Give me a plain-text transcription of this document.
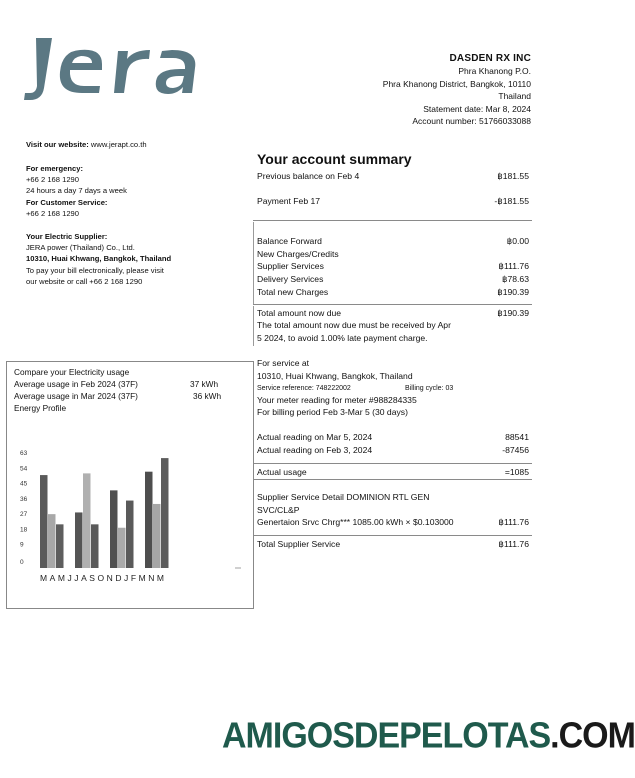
DASDEN RX INC
Phra Khanong P.O.
Phra Khanong District, Bangkok, 10110
Thailand
Statement date: Mar 8, 2024
Account number: 51766033088
Visit our website: www.jerapt.co.th
For emergency:
+66 2 168 1290
24 hours a day 7 days a week
For Customer Service:
+66 2 168 1290
Your Electric Supplier:
JERA power (Thailand) Co., Ltd.
10310, Huai Khwang, Bangkok, Thailand
To pay your bill electronically, please visit
our website or call +66 2 168 1290
Your account summary
Previous balance on Feb 4	฿181.55
Payment Feb 17	-฿181.55
Balance Forward	฿0.00
New Charges/Credits
Supplier Services	฿111.76
Delivery Services	฿78.63
Total new Charges	฿190.39
Total amount now due	฿190.39
The total amount now due must be received by Apr
5 2024, to avoid 1.00% late payment charge.
For service at
10310, Huai Khwang, Bangkok, Thailand
Service reference: 748222002	Billing cycle: 03
Your meter reading for meter #988284335
For billing period Feb 3-Mar 5 (30 days)
Actual reading on Mar 5, 2024	88541
Actual reading on Feb 3, 2024	-87456
Actual usage	=1085
Supplier Service Detail DOMINION RTL GEN
SVC/CL&P
Genertaion Srvc Chrg*** 1085.00 kWh × $0.103000	฿111.76
Total Supplier Service	฿111.76
Compare your Electricity usage
Average usage in Feb 2024 (37F)	37 kWh
Average usage in Mar 2024 (37F)	36 kWh
Energy Profile
63
54
45
36
27
18
9
0
MAMJJASONDJFMNM
AMIGOSDEPELOTAS.COM
